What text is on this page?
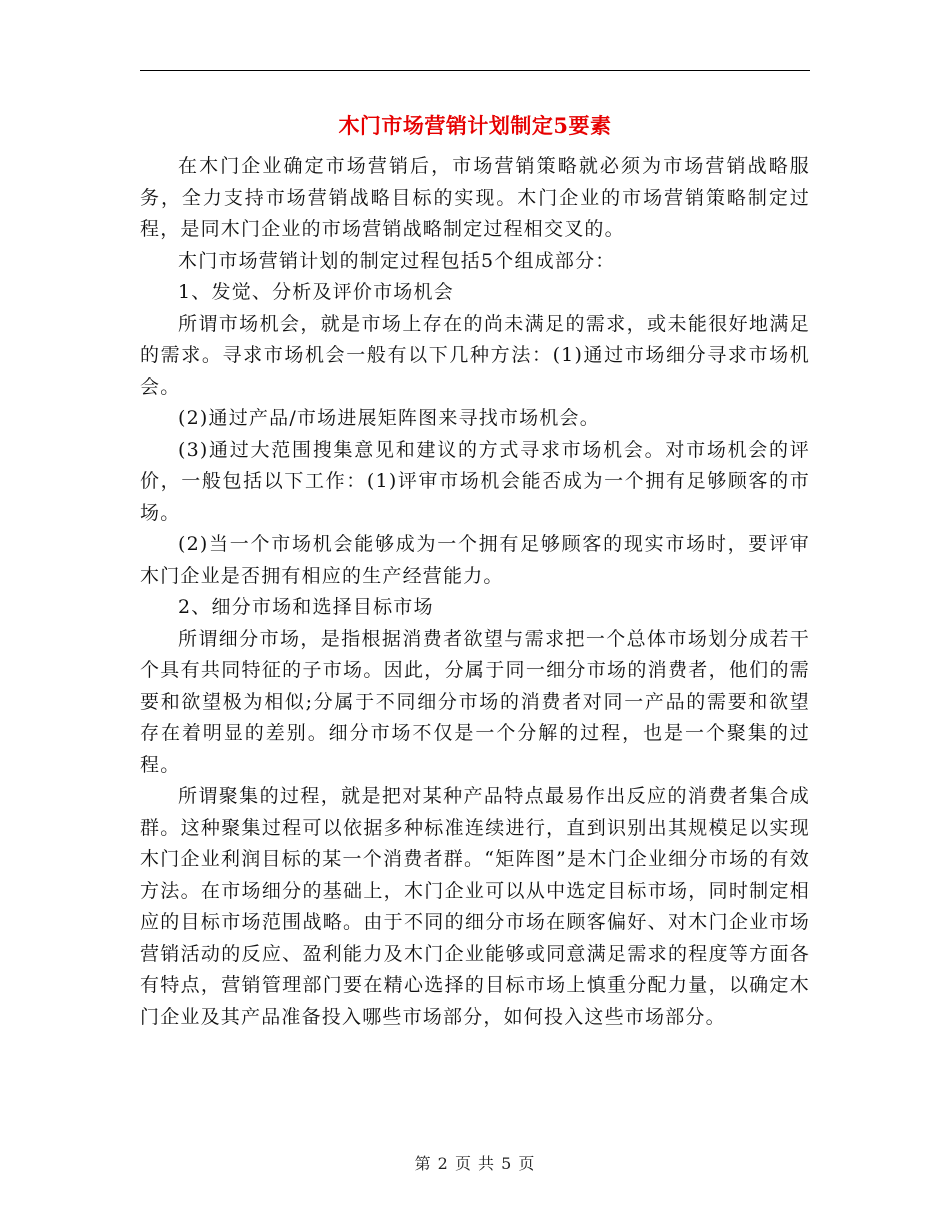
木门市场营销计划制定5要素

在木门企业确定市场营销后，市场营销策略就必须为市场营销战略服务，全力支持市场营销战略目标的实现。木门企业的市场营销策略制定过程，是同木门企业的市场营销战略制定过程相交叉的。

木门市场营销计划的制定过程包括5个组成部分：

1、发觉、分析及评价市场机会

所谓市场机会，就是市场上存在的尚未满足的需求，或未能很好地满足的需求。寻求市场机会一般有以下几种方法：(1)通过市场细分寻求市场机会。

(2)通过产品/市场进展矩阵图来寻找市场机会。

(3)通过大范围搜集意见和建议的方式寻求市场机会。对市场机会的评价，一般包括以下工作：(1)评审市场机会能否成为一个拥有足够顾客的市场。

(2)当一个市场机会能够成为一个拥有足够顾客的现实市场时，要评审木门企业是否拥有相应的生产经营能力。

2、细分市场和选择目标市场

所谓细分市场，是指根据消费者欲望与需求把一个总体市场划分成若干个具有共同特征的子市场。因此，分属于同一细分市场的消费者，他们的需要和欲望极为相似;分属于不同细分市场的消费者对同一产品的需要和欲望存在着明显的差别。细分市场不仅是一个分解的过程，也是一个聚集的过程。

所谓聚集的过程，就是把对某种产品特点最易作出反应的消费者集合成群。这种聚集过程可以依据多种标准连续进行，直到识别出其规模足以实现木门企业利润目标的某一个消费者群。“矩阵图”是木门企业细分市场的有效方法。在市场细分的基础上，木门企业可以从中选定目标市场，同时制定相应的目标市场范围战略。由于不同的细分市场在顾客偏好、对木门企业市场营销活动的反应、盈利能力及木门企业能够或同意满足需求的程度等方面各有特点，营销管理部门要在精心选择的目标市场上慎重分配力量，以确定木门企业及其产品准备投入哪些市场部分，如何投入这些市场部分。

第 2 页 共 5 页
